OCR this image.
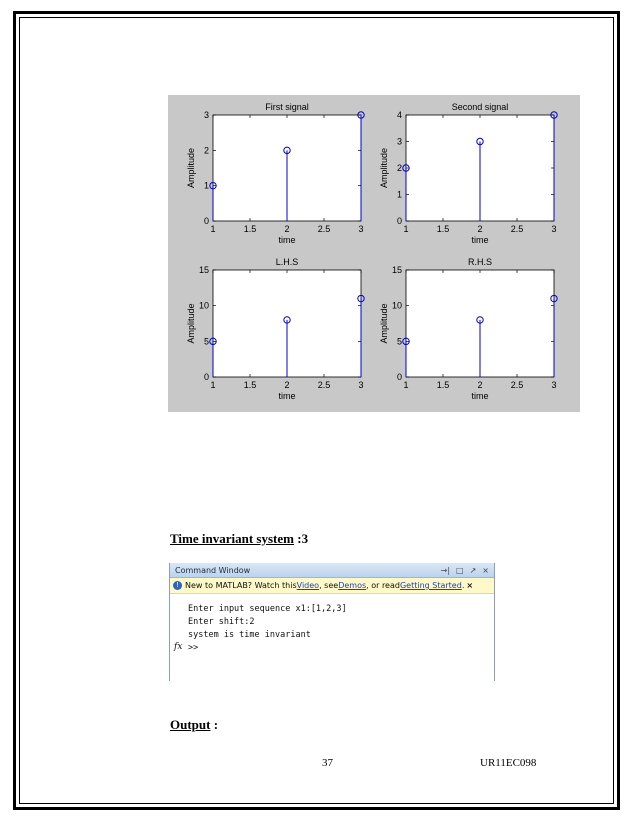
First signal
1	1.5	2	2.5	3
0
1
2
3
time
Amplitude
Second signal
1	1.5	2	2.5	3
0
1
2
3
4
time
Amplitude
L.H.S
1	1.5	2	2.5	3
0
5
10
15
time
Amplitude
R.H.S
1	1.5	2	2.5	3
0
5
10
15
time
Amplitude
Time invariant system :3
Command Window	→| □ ↗ ×
! New to MATLAB? Watch this Video , see Demos , or read Getting Started . ×
Enter input sequence x1:[1,2,3]
Enter shift:2
system is time invariant
fx >>
Output :
37	UR11EC098
